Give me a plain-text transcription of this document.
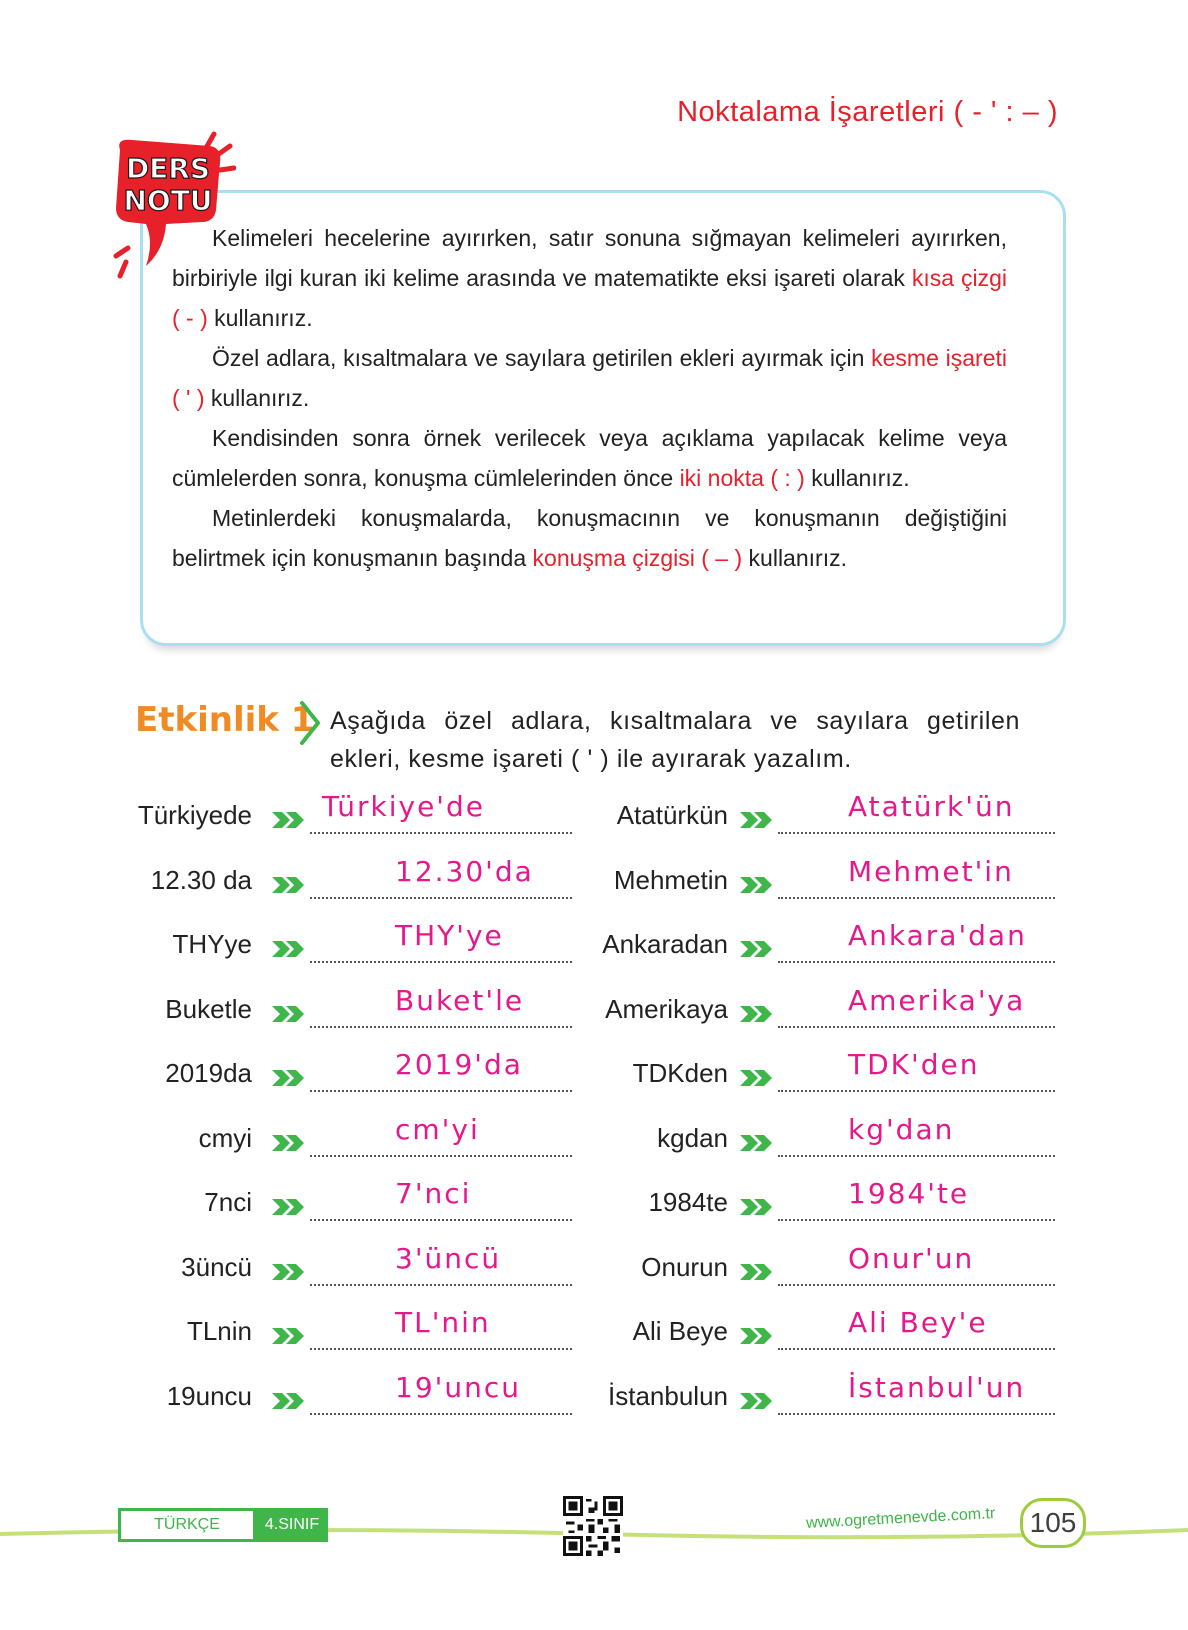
Noktalama İşaretleri ( - ' : – )
DERS
NOTU

Kelimeleri hecelerine ayırırken, satır sonuna sığmayan kelimeleri ayırırken, birbiriyle ilgi kuran iki kelime arasında ve matematikte eksi işareti olarak kısa çizgi ( - ) kullanırız.

Özel adlara, kısaltmalara ve sayılara getirilen ekleri ayırmak için kesme işareti ( ' ) kullanırız.

Kendisinden sonra örnek verilecek veya açıklama yapılacak kelime veya cümlelerden sonra, konuşma cümlelerinden önce iki nokta ( : ) kullanırız.

Metinlerdeki konuşmalarda, konuşmacının ve konuşmanın değiştiğini belirtmek için konuşmanın başında konuşma çizgisi ( – ) kullanırız.

Etkinlik 1 Aşağıda özel adlara, kısaltmalara ve sayılara getirilen ekleri, kesme işareti ( ' ) ile ayırarak yazalım.
Türkiyede	Türkiye'de
12.30 da	12.30'da
THYye	THY'ye
Buketle	Buket'le
2019da	2019'da
cmyi	cm'yi
7nci	7'nci
3üncü	3'üncü
TLnin	TL'nin
19uncu	19'uncu
Atatürkün	Atatürk'ün
Mehmetin	Mehmet'in
Ankaradan	Ankara'dan
Amerikaya	Amerika'ya
TDKden	TDK'den
kgdan	kg'dan
1984te	1984'te
Onurun	Onur'un
Ali Beye	Ali Bey'e
İstanbulun	İstanbul'un
TÜRKÇE	4.SINIF	www.ogretmenevde.com.tr	105
